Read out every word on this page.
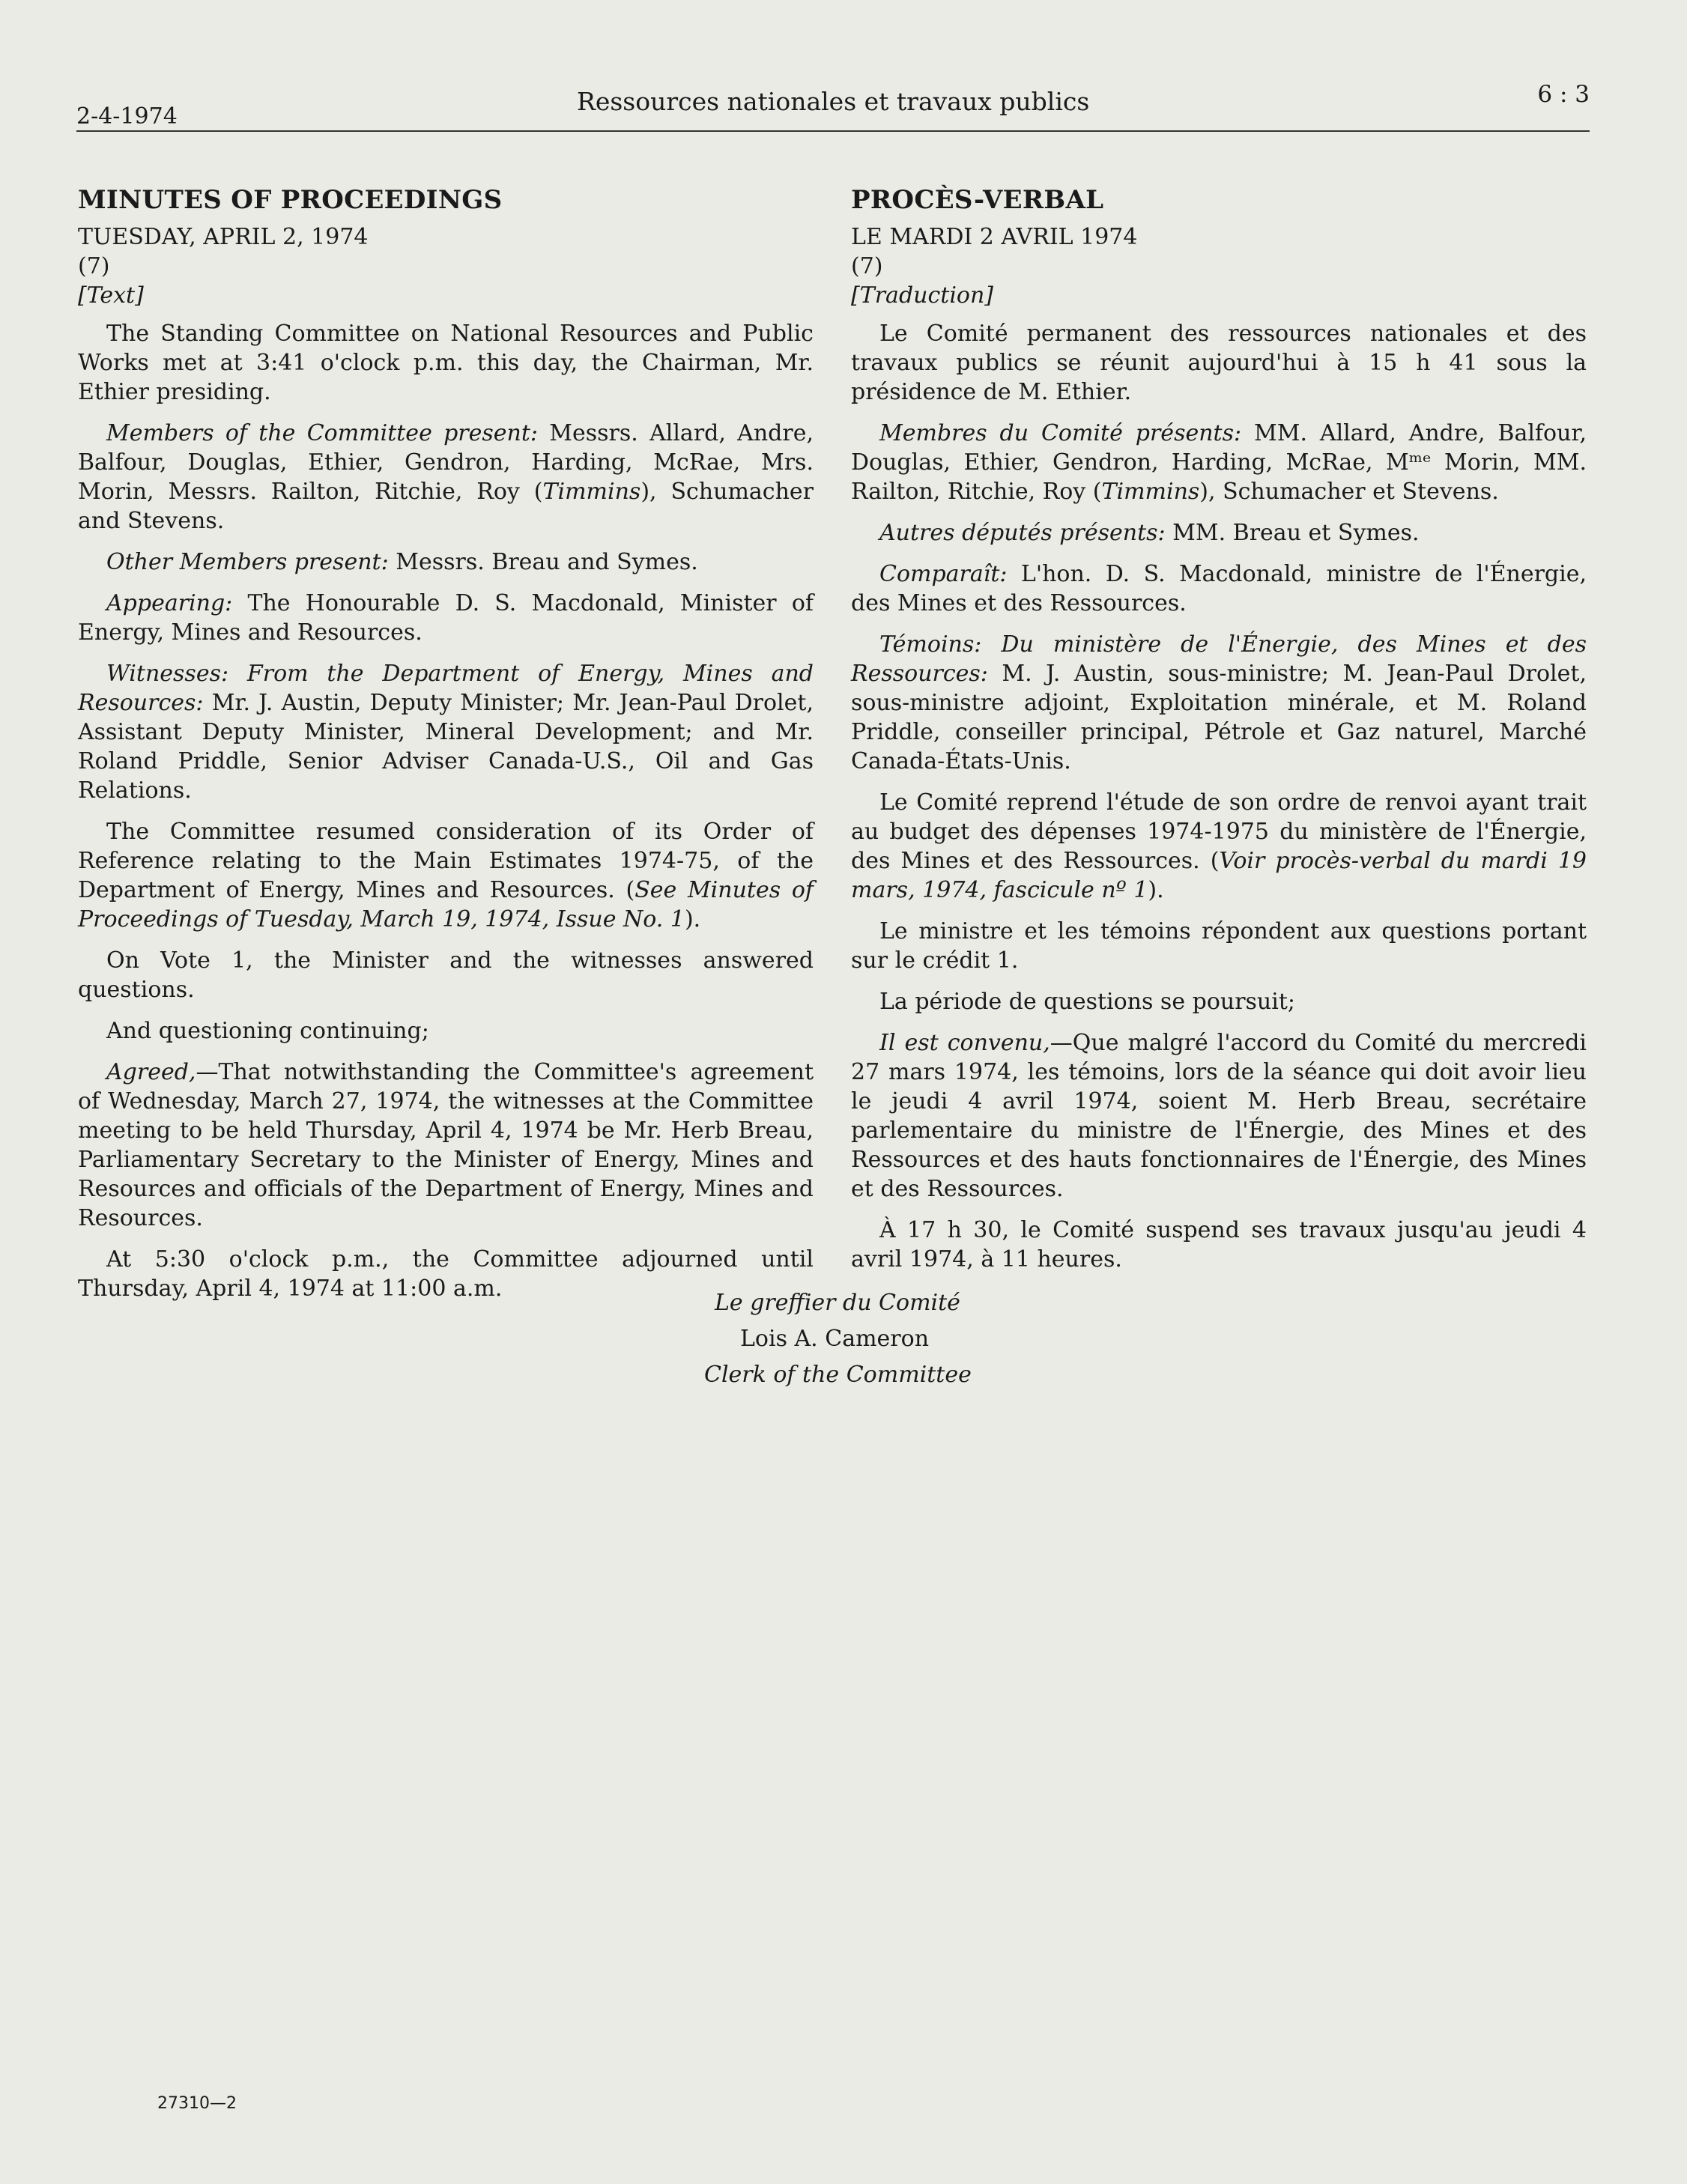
2-4-1974
Ressources nationales et travaux publics	6 : 3
MINUTES OF PROCEEDINGS
TUESDAY, APRIL 2, 1974
(7)
[Text]

The Standing Committee on National Resources and Public Works met at 3:41 o'clock p.m. this day, the Chairman, Mr. Ethier presiding.

Members of the Committee present: Messrs. Allard, Andre, Balfour, Douglas, Ethier, Gendron, Harding, McRae, Mrs. Morin, Messrs. Railton, Ritchie, Roy (Timmins), Schumacher and Stevens.

Other Members present: Messrs. Breau and Symes.

Appearing: The Honourable D. S. Macdonald, Minister of Energy, Mines and Resources.

Witnesses: From the Department of Energy, Mines and Resources: Mr. J. Austin, Deputy Minister; Mr. Jean-Paul Drolet, Assistant Deputy Minister, Mineral Development; and Mr. Roland Priddle, Senior Adviser Canada-U.S., Oil and Gas Relations.

The Committee resumed consideration of its Order of Reference relating to the Main Estimates 1974-75, of the Department of Energy, Mines and Resources. (See Minutes of Proceedings of Tuesday, March 19, 1974, Issue No. 1).

On Vote 1, the Minister and the witnesses answered questions.

And questioning continuing;

Agreed,—That notwithstanding the Committee's agreement of Wednesday, March 27, 1974, the witnesses at the Committee meeting to be held Thursday, April 4, 1974 be Mr. Herb Breau, Parliamentary Secretary to the Minister of Energy, Mines and Resources and officials of the Department of Energy, Mines and Resources.

At 5:30 o'clock p.m., the Committee adjourned until Thursday, April 4, 1974 at 11:00 a.m.

PROCÈS-VERBAL
LE MARDI 2 AVRIL 1974
(7)
[Traduction]

Le Comité permanent des ressources nationales et des travaux publics se réunit aujourd'hui à 15 h 41 sous la présidence de M. Ethier.

Membres du Comité présents: MM. Allard, Andre, Balfour, Douglas, Ethier, Gendron, Harding, McRae, Mᵐᵉ Morin, MM. Railton, Ritchie, Roy (Timmins), Schumacher et Stevens.

Autres députés présents: MM. Breau et Symes.

Comparaît: L'hon. D. S. Macdonald, ministre de l'Énergie, des Mines et des Ressources.

Témoins: Du ministère de l'Énergie, des Mines et des Ressources: M. J. Austin, sous-ministre; M. Jean-Paul Drolet, sous-ministre adjoint, Exploitation minérale, et M. Roland Priddle, conseiller principal, Pétrole et Gaz naturel, Marché Canada-États-Unis.

Le Comité reprend l'étude de son ordre de renvoi ayant trait au budget des dépenses 1974-1975 du ministère de l'Énergie, des Mines et des Ressources. (Voir procès-verbal du mardi 19 mars, 1974, fascicule nº 1).

Le ministre et les témoins répondent aux questions portant sur le crédit 1.

La période de questions se poursuit;

Il est convenu,—Que malgré l'accord du Comité du mercredi 27 mars 1974, les témoins, lors de la séance qui doit avoir lieu le jeudi 4 avril 1974, soient M. Herb Breau, secrétaire parlementaire du ministre de l'Énergie, des Mines et des Ressources et des hauts fonctionnaires de l'Énergie, des Mines et des Ressources.

À 17 h 30, le Comité suspend ses travaux jusqu'au jeudi 4 avril 1974, à 11 heures.

Le greffier du Comité
Lois A. Cameron
Clerk of the Committee
27310—2
